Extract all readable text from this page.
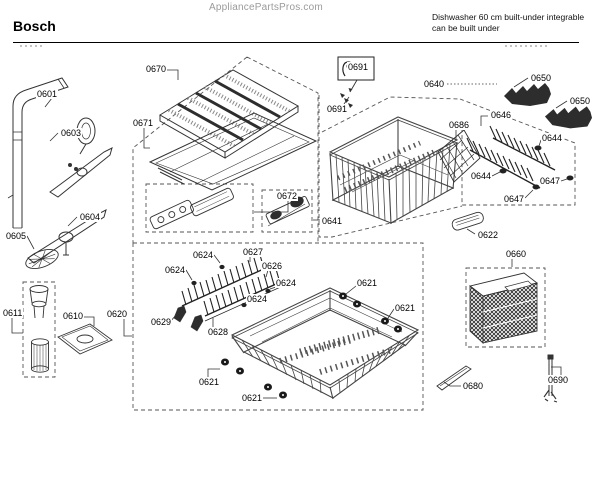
AppliancePartsPros.com
Bosch
Dishwasher 60 cm built-under integrable
can be built under
0601
0603
0604
0605
0611	0610	0620
0670
0671
0672
0641
0691
0691
0640
0650
0650
0686
0646
0644
0644	0647
0647
0622
0660
0624	0627
0624	0626
0624
0624
0629
0628
0621
0621
0621
0621
0680
0690
